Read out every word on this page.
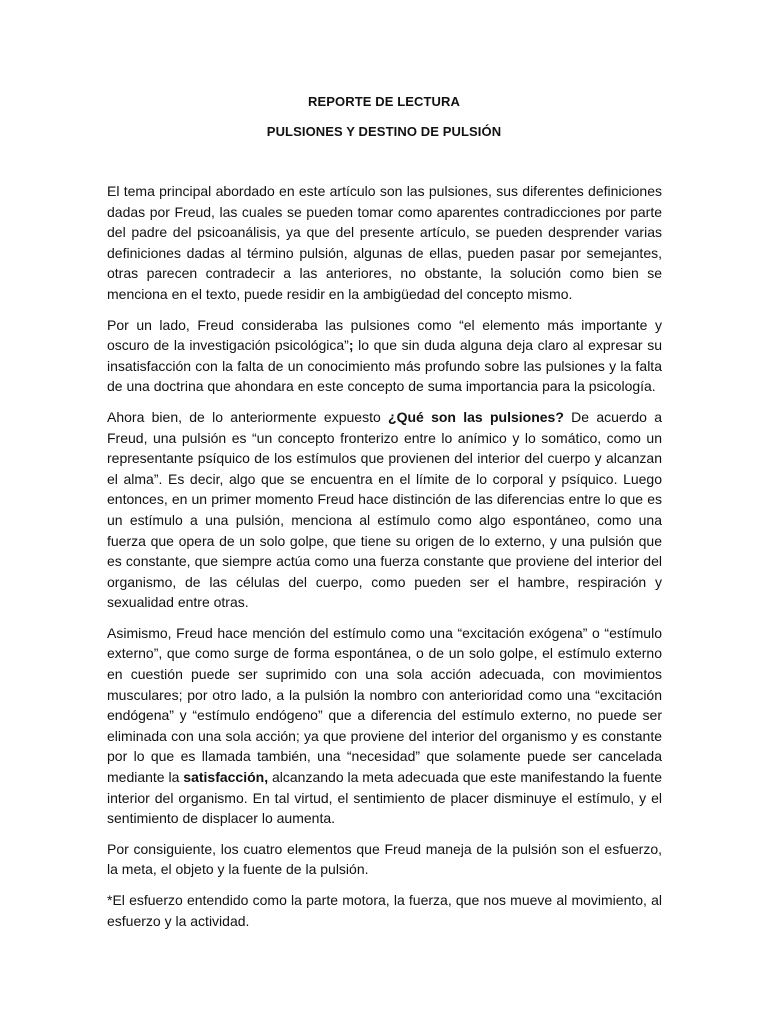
REPORTE DE LECTURA
PULSIONES Y DESTINO DE PULSIÓN

El tema principal abordado en este artículo son las pulsiones, sus diferentes definiciones dadas por Freud, las cuales se pueden tomar como aparentes contradicciones por parte del padre del psicoanálisis, ya que del presente artículo, se pueden desprender varias definiciones dadas al término pulsión, algunas de ellas, pueden pasar por semejantes, otras parecen contradecir a las anteriores, no obstante, la solución como bien se menciona en el texto, puede residir en la ambigüedad del concepto mismo.

Por un lado, Freud consideraba las pulsiones como “el elemento más importante y oscuro de la investigación psicológica”; lo que sin duda alguna deja claro al expresar su insatisfacción con la falta de un conocimiento más profundo sobre las pulsiones y la falta de una doctrina que ahondara en este concepto de suma importancia para la psicología.

Ahora bien, de lo anteriormente expuesto ¿Qué son las pulsiones? De acuerdo a Freud, una pulsión es “un concepto fronterizo entre lo anímico y lo somático, como un representante psíquico de los estímulos que provienen del interior del cuerpo y alcanzan el alma”. Es decir, algo que se encuentra en el límite de lo corporal y psíquico. Luego entonces, en un primer momento Freud hace distinción de las diferencias entre lo que es un estímulo a una pulsión, menciona al estímulo como algo espontáneo, como una fuerza que opera de un solo golpe, que tiene su origen de lo externo, y una pulsión que es constante, que siempre actúa como una fuerza constante que proviene del interior del organismo, de las células del cuerpo, como pueden ser el hambre, respiración y sexualidad entre otras.

Asimismo, Freud hace mención del estímulo como una “excitación exógena” o “estímulo externo”, que como surge de forma espontánea, o de un solo golpe, el estímulo externo en cuestión puede ser suprimido con una sola acción adecuada, con movimientos musculares; por otro lado, a la pulsión la nombro con anterioridad como una “excitación endógena” y “estímulo endógeno” que a diferencia del estímulo externo, no puede ser eliminada con una sola acción; ya que proviene del interior del organismo y es constante por lo que es llamada también, una “necesidad” que solamente puede ser cancelada mediante la satisfacción, alcanzando la meta adecuada que este manifestando la fuente interior del organismo. En tal virtud, el sentimiento de placer disminuye el estímulo, y el sentimiento de displacer lo aumenta.

Por consiguiente, los cuatro elementos que Freud maneja de la pulsión son el esfuerzo, la meta, el objeto y la fuente de la pulsión.

*El esfuerzo entendido como la parte motora, la fuerza, que nos mueve al movimiento, al esfuerzo y la actividad.
